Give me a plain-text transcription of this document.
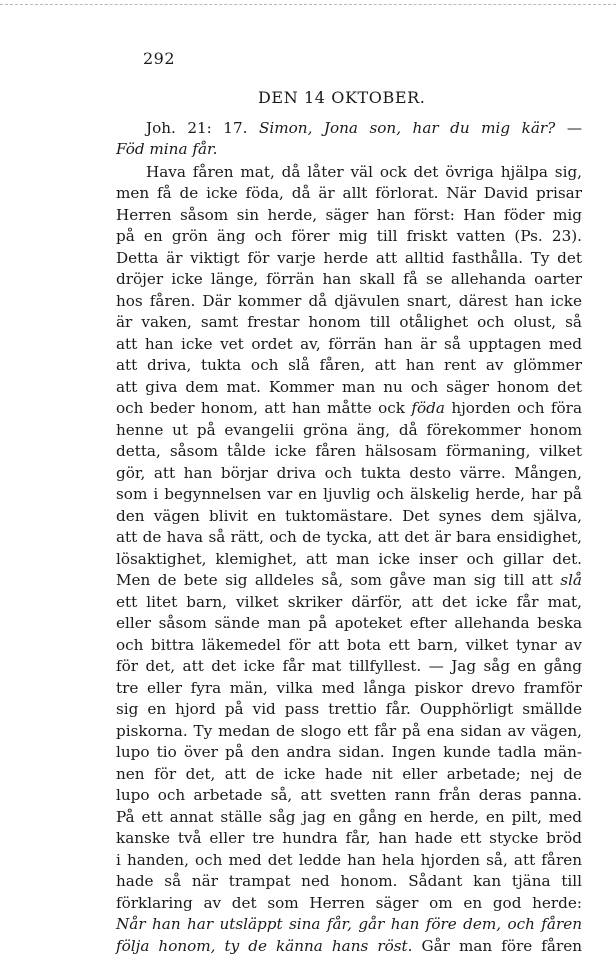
292
DEN 14 OKTOBER.
Joh. 21: 17. Simon, Jona son, har du mig kär? —
Föd mina får.
Hava fåren mat, då låter väl ock det övriga hjälpa sig,
men få de icke föda, då är allt förlorat. När David prisar
Herren såsom sin herde, säger han först: Han föder mig
på en grön äng och förer mig till friskt vatten (Ps. 23).
Detta är viktigt för varje herde att alltid fasthålla. Ty det
dröjer icke länge, förrän han skall få se allehanda oarter
hos fåren. Där kommer då djävulen snart, därest han icke
är vaken, samt frestar honom till otålighet och olust, så
att han icke vet ordet av, förrän han är så upptagen med
att driva, tukta och slå fåren, att han rent av glömmer
att giva dem mat. Kommer man nu och säger honom det
och beder honom, att han måtte ock föda hjorden och föra
henne ut på evangelii gröna äng, då förekommer honom
detta, såsom tålde icke fåren hälsosam förmaning, vilket
gör, att han börjar driva och tukta desto värre. Mången,
som i begynnelsen var en ljuvlig och älskelig herde, har på
den vägen blivit en tuktomästare. Det synes dem själva,
att de hava så rätt, och de tycka, att det är bara ensidighet,
lösaktighet, klemighet, att man icke inser och gillar det.
Men de bete sig alldeles så, som gåve man sig till att slå
ett litet barn, vilket skriker därför, att det icke får mat,
eller såsom sände man på apoteket efter allehanda beska
och bittra läkemedel för att bota ett barn, vilket tynar av
för det, att det icke får mat tillfyllest. — Jag såg en gång
tre eller fyra män, vilka med långa piskor drevo framför
sig en hjord på vid pass trettio får. Oupphörligt smällde
piskorna. Ty medan de slogo ett får på ena sidan av vägen,
lupo tio över på den andra sidan. Ingen kunde tadla män-
nen för det, att de icke hade nit eller arbetade; nej de
lupo och arbetade så, att svetten rann från deras panna.
På ett annat ställe såg jag en gång en herde, en pilt, med
kanske två eller tre hundra får, han hade ett stycke bröd
i handen, och med det ledde han hela hjorden så, att fåren
hade så när trampat ned honom. Sådant kan tjäna till
förklaring av det som Herren säger om en god herde:
Når han har utsläppt sina får, går han före dem, och fåren
följa honom, ty de känna hans röst. Går man före fåren
